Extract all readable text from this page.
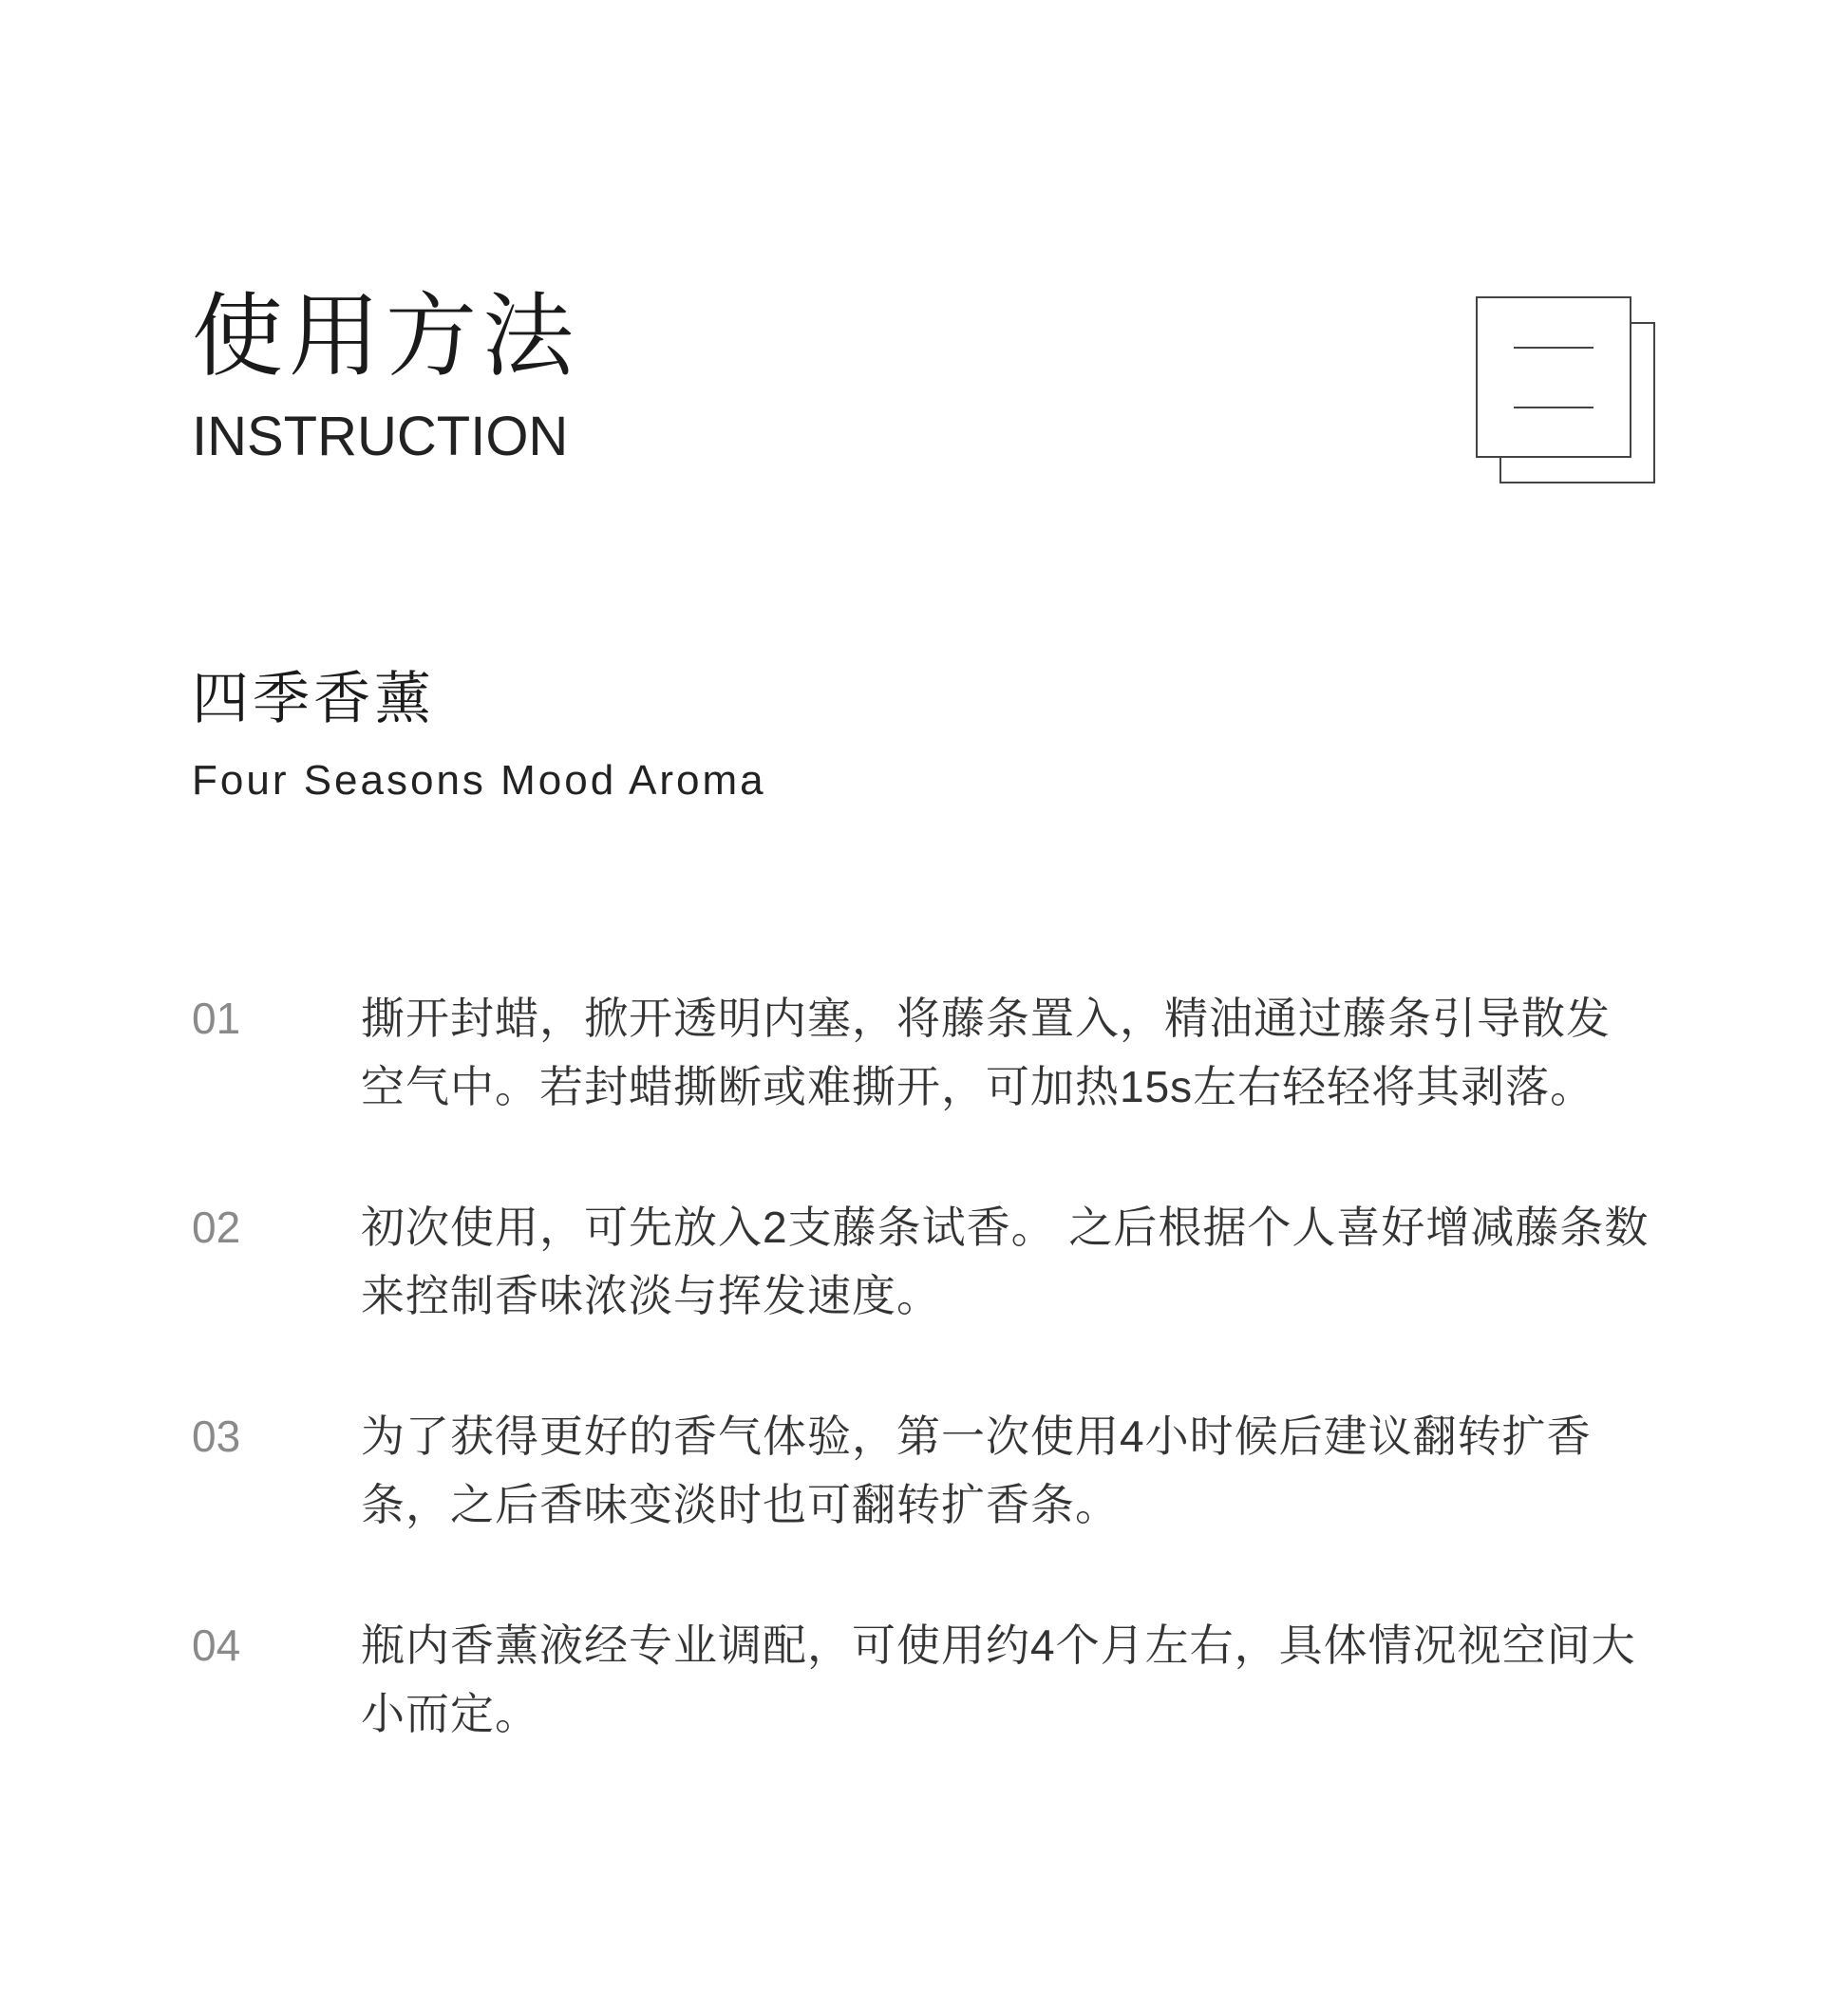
使用方法
INSTRUCTION
四季香薰
Four Seasons Mood Aroma
01	撕开封蜡，掀开透明内塞，将藤条置入，精油通过藤条引导散发空气中。若封蜡撕断或难撕开，可加热15s左右轻轻将其剥落。
02	初次使用，可先放入2支藤条试香。 之后根据个人喜好增减藤条数来控制香味浓淡与挥发速度。
03	为了获得更好的香气体验，第一次使用4小时候后建议翻转扩香条，之后香味变淡时也可翻转扩香条。
04	瓶内香薰液经专业调配，可使用约4个月左右，具体情况视空间大小而定。
